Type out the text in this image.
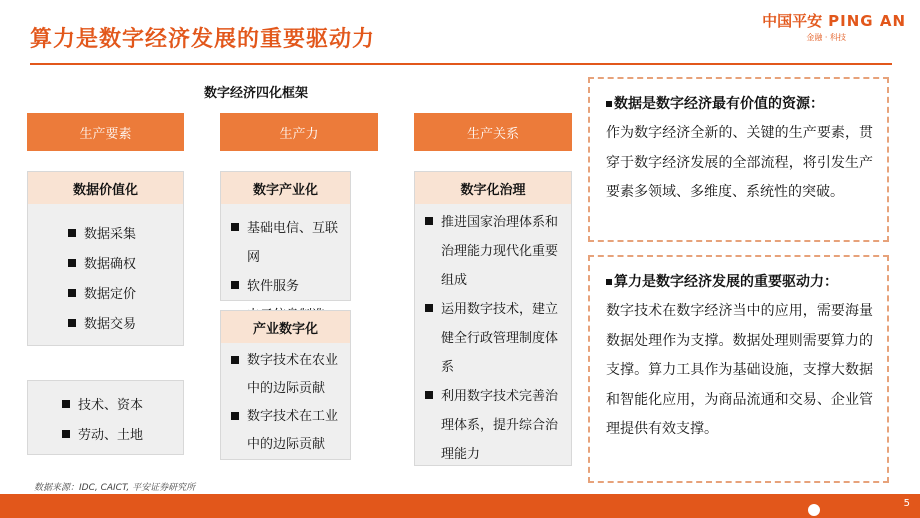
算力是数字经济发展的重要驱动力
中国平安 PING AN
金融 · 科技
数字经济四化框架
生产要素
数据价值化
数据采集
数据确权
数据定价
数据交易
技术、资本
劳动、土地
生产力
数字产业化
基础电信、互联网
软件服务
产业数字化
数字技术在农业中的边际贡献
数字技术在工业中的边际贡献
生产关系
数字化治理
推进国家治理体系和治理能力现代化重要组成
运用数字技术，建立健全行政管理制度体系
利用数字技术完善治理体系，提升综合治理能力
数据是数字经济最有价值的资源：
作为数字经济全新的、关键的生产要素，贯穿于数字经济发展的全部流程，将引发生产要素多领域、多维度、系统性的突破。
算力是数字经济发展的重要驱动力：
数字技术在数字经济当中的应用，需要海量数据处理作为支撑。数据处理则需要算力的支撑。算力工具作为基础设施，支撑大数据和智能化应用，为商品流通和交易、企业管理提供有效支撑。
数据来源：IDC, CAICT, 平安证券研究所
5
